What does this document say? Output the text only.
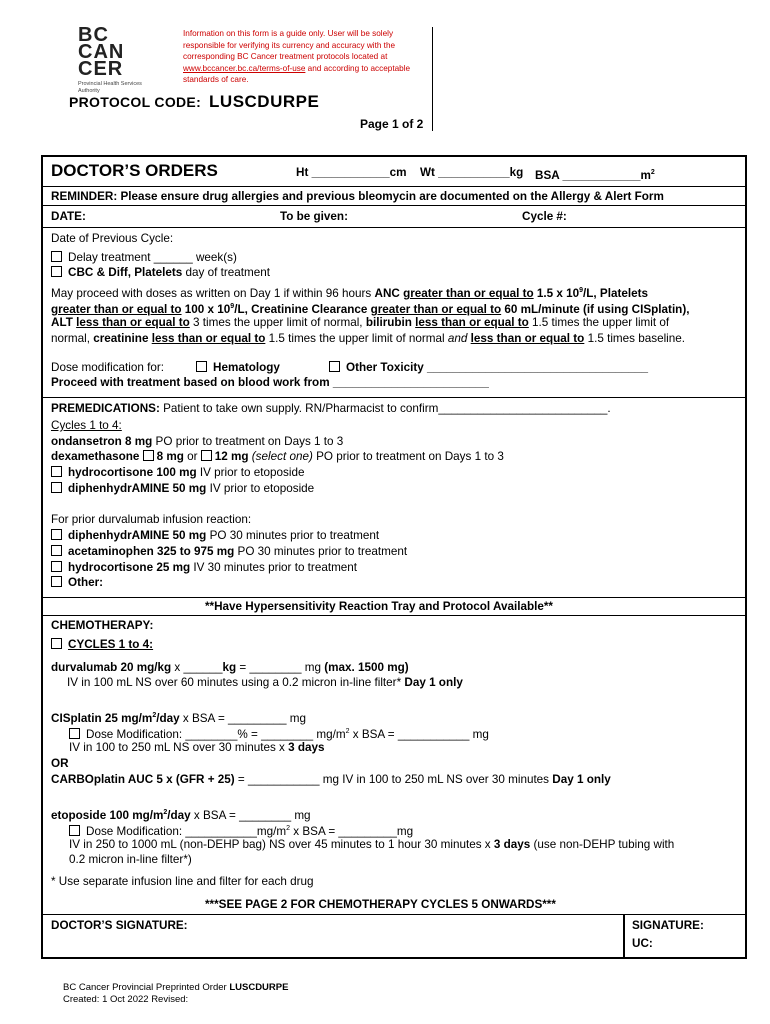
BC
CAN
CER
Provincial Health Services Authority
Information on this form is a guide only. User will be solely responsible for verifying its currency and accuracy with the corresponding BC Cancer treatment protocols located at www.bccancer.bc.ca/terms-of-use and according to acceptable standards of care.
PROTOCOL CODE: LUSCDURPE
Page 1 of 2
DOCTOR’S ORDERS	Ht ____________cm Wt ___________kg BSA $\_\_\_\_\_\_\_\_\_\_\_\_m^2$
REMINDER: Please ensure drug allergies and previous bleomycin are documented on the Allergy & Alert Form
DATE:	To be given:	Cycle #:
Date of Previous Cycle:
Delay treatment ______ week(s)
CBC & Diff, Platelets day of treatment
May proceed with doses as written on Day 1 if within 96 hours ANC greater than or equal to 1.5 x $10^9/L$, Platelets
greater than or equal to 100 x $10^9/L$, Creatinine Clearance greater than or equal to 60 mL/minute (if using CISplatin),
ALT less than or equal to 3 times the upper limit of normal, bilirubin less than or equal to 1.5 times the upper limit of
normal, creatinine less than or equal to 1.5 times the upper limit of normal and less than or equal to 1.5 times baseline.
Dose modification for:	Hematology	Other Toxicity __________________________________
Proceed with treatment based on blood work from ________________________
PREMEDICATIONS: Patient to take own supply. RN/Pharmacist to confirm__________________________.
Cycles 1 to 4:
ondansetron 8 mg PO prior to treatment on Days 1 to 3
dexamethasone 8 mg or 12 mg (select one) PO prior to treatment on Days 1 to 3
hydrocortisone 100 mg IV prior to etoposide
diphenhydrAMINE 50 mg IV prior to etoposide
For prior durvalumab infusion reaction:
diphenhydrAMINE 50 mg PO 30 minutes prior to treatment
acetaminophen 325 to 975 mg PO 30 minutes prior to treatment
hydrocortisone 25 mg IV 30 minutes prior to treatment
Other:
**Have Hypersensitivity Reaction Tray and Protocol Available**
CHEMOTHERAPY:
CYCLES 1 to 4:
durvalumab 20 mg/kg x ______kg = ________ mg (max. 1500 mg)
IV in 100 mL NS over 60 minutes using a 0.2 micron in-line filter* Day 1 only
CISplatin 25 $mg/m^2$/day x BSA = _________ mg
Dose Modification: ________% = ________ $mg/m^2$ x BSA = ___________ mg
IV in 100 to 250 mL NS over 30 minutes x 3 days
OR
CARBOplatin AUC 5 x (GFR + 25) = ___________ mg IV in 100 to 250 mL NS over 30 minutes Day 1 only
etoposide 100 $mg/m^2$/day x BSA = ________ mg
Dose Modification: $\_\_\_\_\_\_\_\_\_\_\_mg/m^2$ x BSA = _________mg
IV in 250 to 1000 mL (non-DEHP bag) NS over 45 minutes to 1 hour 30 minutes x 3 days (use non-DEHP tubing with
0.2 micron in-line filter*)
* Use separate infusion line and filter for each drug
***SEE PAGE 2 FOR CHEMOTHERAPY CYCLES 5 ONWARDS***
DOCTOR’S SIGNATURE:	SIGNATURE:
UC:
BC Cancer Provincial Preprinted Order LUSCDURPE
Created: 1 Oct 2022 Revised:
